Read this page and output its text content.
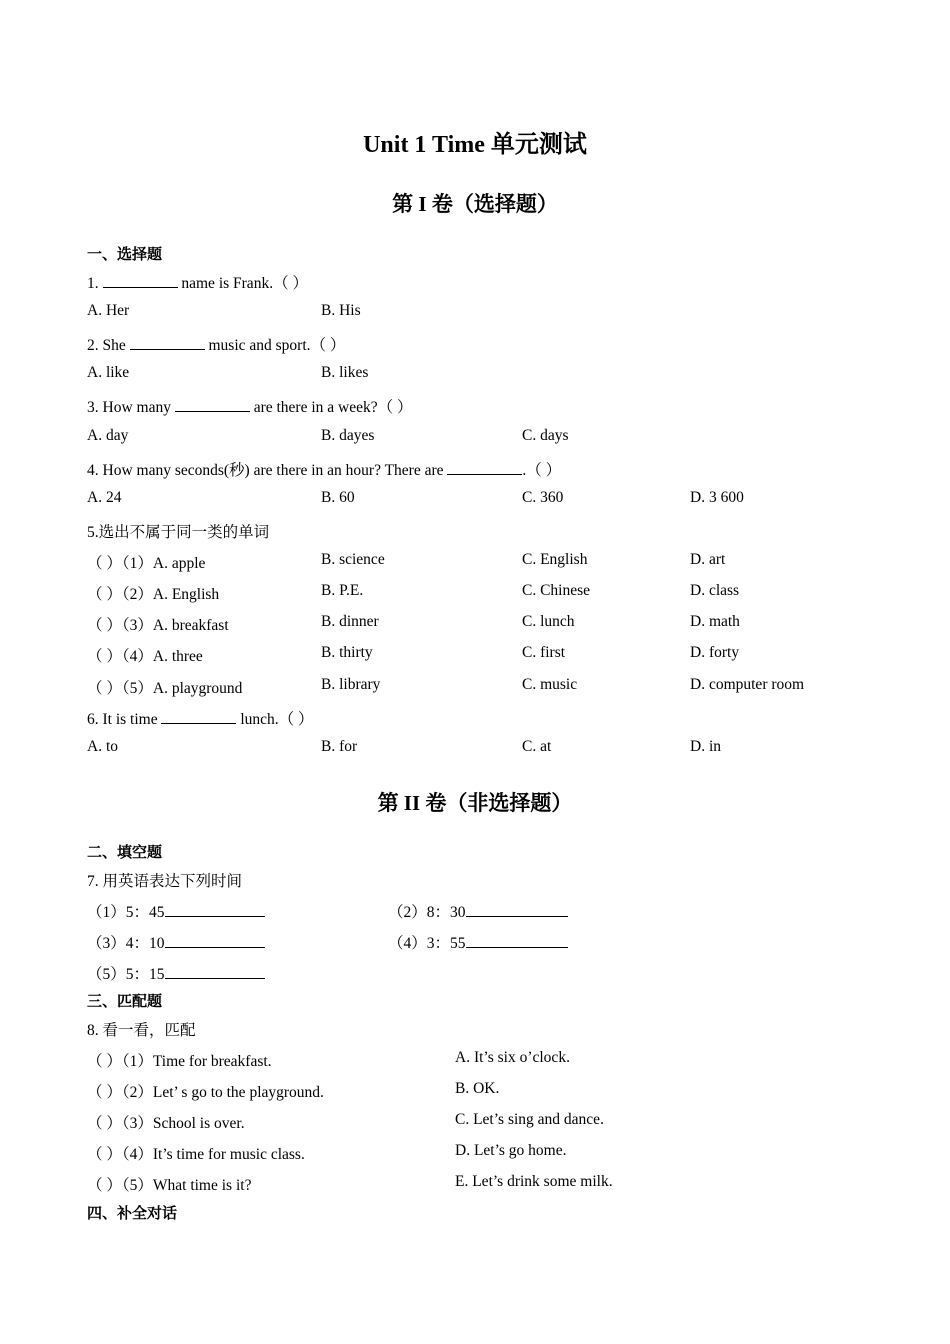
Unit 1 Time 单元测试
第 I 卷（选择题）
一、选择题
1.	name is Frank.（ ）
A. Her	B. His
2. She	music and sport.（ ）
A. like	B. likes
3. How many	are there in a week?（ ）
A. day	B. dayes	C. days
4. How many seconds(秒) are there in an hour? There are	.（ ）
A. 24	B. 60	C. 360	D. 3 600
5.选出不属于同一类的单词
（ ）（1）A. apple	B. science	C. English	D. art
（ ）（2）A. English	B. P.E.	C. Chinese	D. class
（ ）（3）A. breakfast	B. dinner	C. lunch	D. math
（ ）（4）A. three	B. thirty	C. first	D. forty
（ ）（5）A. playground	B. library	C. music	D. computer room
6. It is time	lunch.（ ）
A. to	B. for	C. at	D. in
第 II 卷（非选择题）
二、填空题
7. 用英语表达下列时间
（1）5：45	（2）8：30
（3）4：10	（4）3：55
（5）5：15
三、匹配题
8. 看一看，匹配
（ ）（1）Time for breakfast.	A. It’s six o’clock.
（ ）（2）Let’ s go to the playground.	B. OK.
（ ）（3）School is over.	C. Let’s sing and dance.
（ ）（4）It’s time for music class.	D. Let’s go home.
（ ）（5）What time is it?	E. Let’s drink some milk.
四、补全对话
